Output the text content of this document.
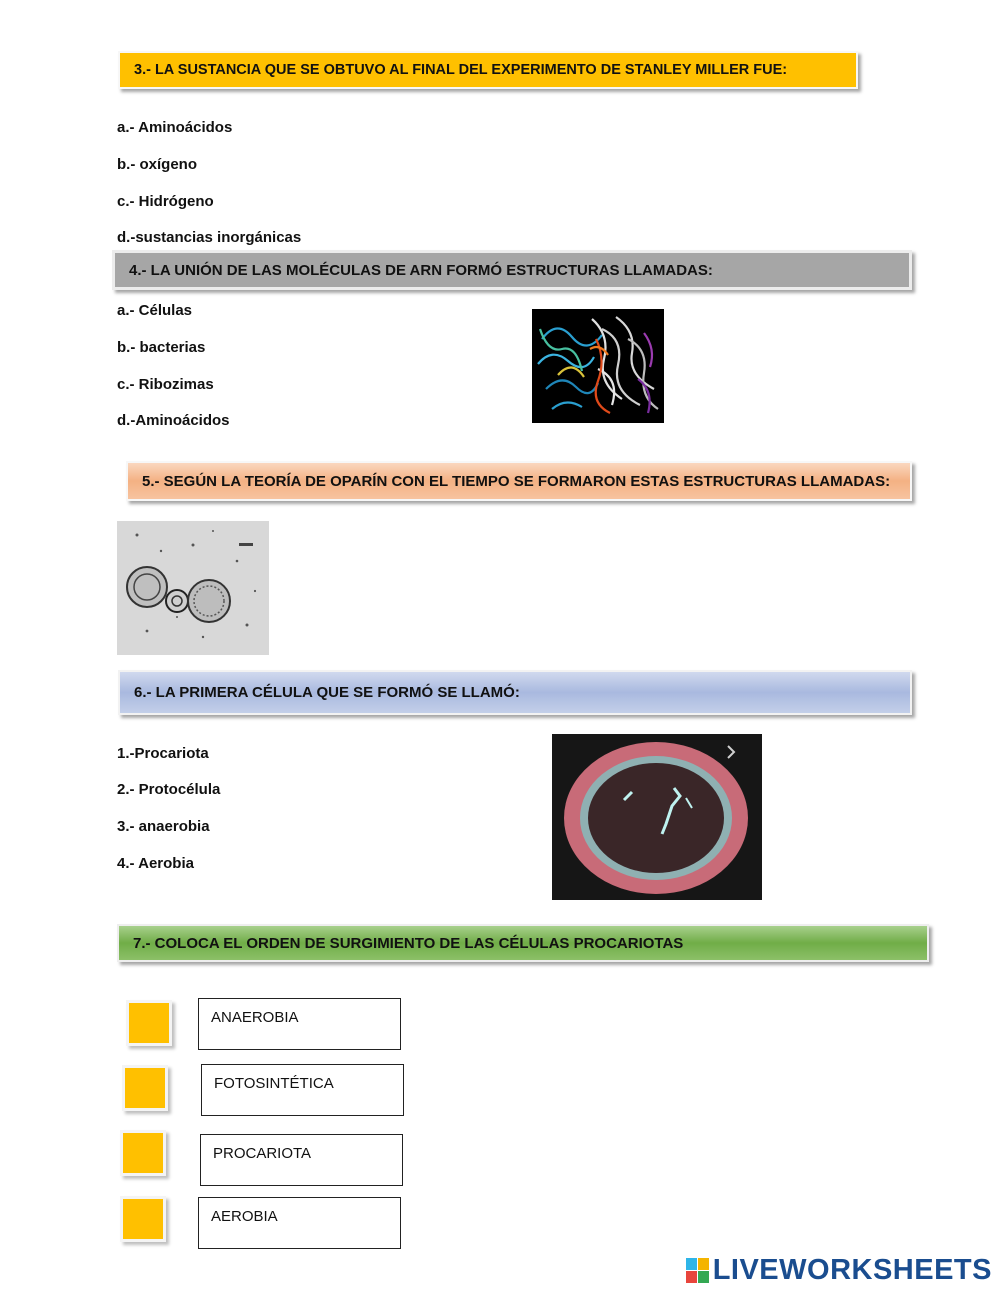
3.- LA SUSTANCIA QUE SE OBTUVO AL FINAL DEL EXPERIMENTO DE STANLEY MILLER FUE:
a.- Aminoácidos
b.- oxígeno
c.- Hidrógeno
d.-sustancias inorgánicas
4.- LA UNIÓN DE LAS MOLÉCULAS DE ARN FORMÓ ESTRUCTURAS LLAMADAS:
a.- Células
b.- bacterias
c.- Ribozimas
d.-Aminoácidos
5.- SEGÚN LA TEORÍA DE OPARÍN CON EL TIEMPO SE FORMARON ESTAS ESTRUCTURAS LLAMADAS:
6.- LA PRIMERA CÉLULA QUE SE FORMÓ SE LLAMÓ:
1.-Procariota
2.- Protocélula
3.- anaerobia
4.- Aerobia
7.- COLOCA EL ORDEN DE SURGIMIENTO DE LAS CÉLULAS PROCARIOTAS
ANAEROBIA
FOTOSINTÉTICA
PROCARIOTA
AEROBIA
LIVEWORKSHEETS
